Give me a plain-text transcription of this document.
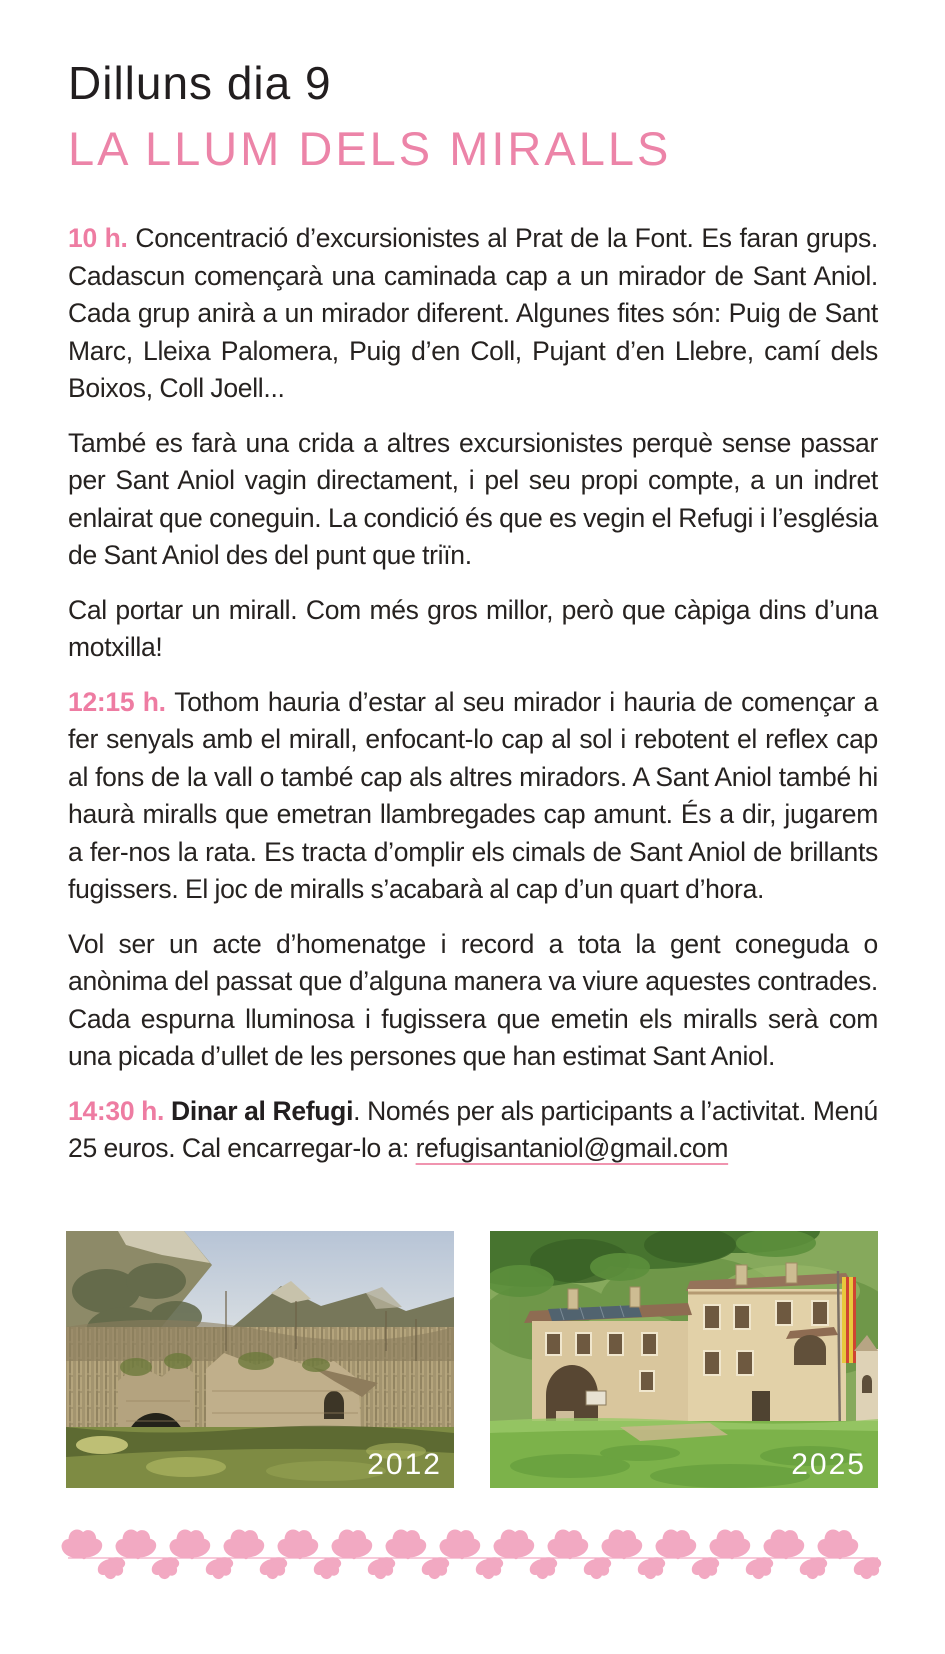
Dilluns dia 9
LA LLUM DELS MIRALLS

10 h. Concentració d’excursionistes al Prat de la Font. Es faran grups. Cadascun començarà una caminada cap a un mirador de Sant Aniol. Cada grup anirà a un mirador diferent. Algunes fites són: Puig de Sant Marc, Lleixa Palomera, Puig d’en Coll, Pujant d’en Llebre, camí dels Boixos, Coll Joell...

També es farà una crida a altres excursionistes perquè sense passar per Sant Aniol vagin directament, i pel seu propi compte, a un indret enlairat que coneguin. La condició és que es vegin el Refugi i l’església de Sant Aniol des del punt que triïn.

Cal portar un mirall. Com més gros millor, però que càpiga dins d’una motxilla!

12:15 h. Tothom hauria d’estar al seu mirador i hauria de començar a fer senyals amb el mirall, enfocant-lo cap al sol i rebotent el reflex cap al fons de la vall o també cap als altres miradors. A Sant Aniol també hi haurà miralls que emetran llambregades cap amunt. És a dir, jugarem a fer-nos la rata. Es tracta d’omplir els cimals de Sant Aniol de brillants fugissers. El joc de miralls s’acabarà al cap d’un quart d’hora.

Vol ser un acte d’homenatge i record a tota la gent coneguda o anònima del passat que d’alguna manera va viure aquestes contrades. Cada espurna lluminosa i fugissera que emetin els miralls serà com una picada d’ullet de les persones que han estimat Sant Aniol.

14:30 h. Dinar al Refugi. Només per als participants a l’activitat. Menú 25 euros. Cal encarregar-lo a: refugisantaniol@gmail.com

2012	2025
